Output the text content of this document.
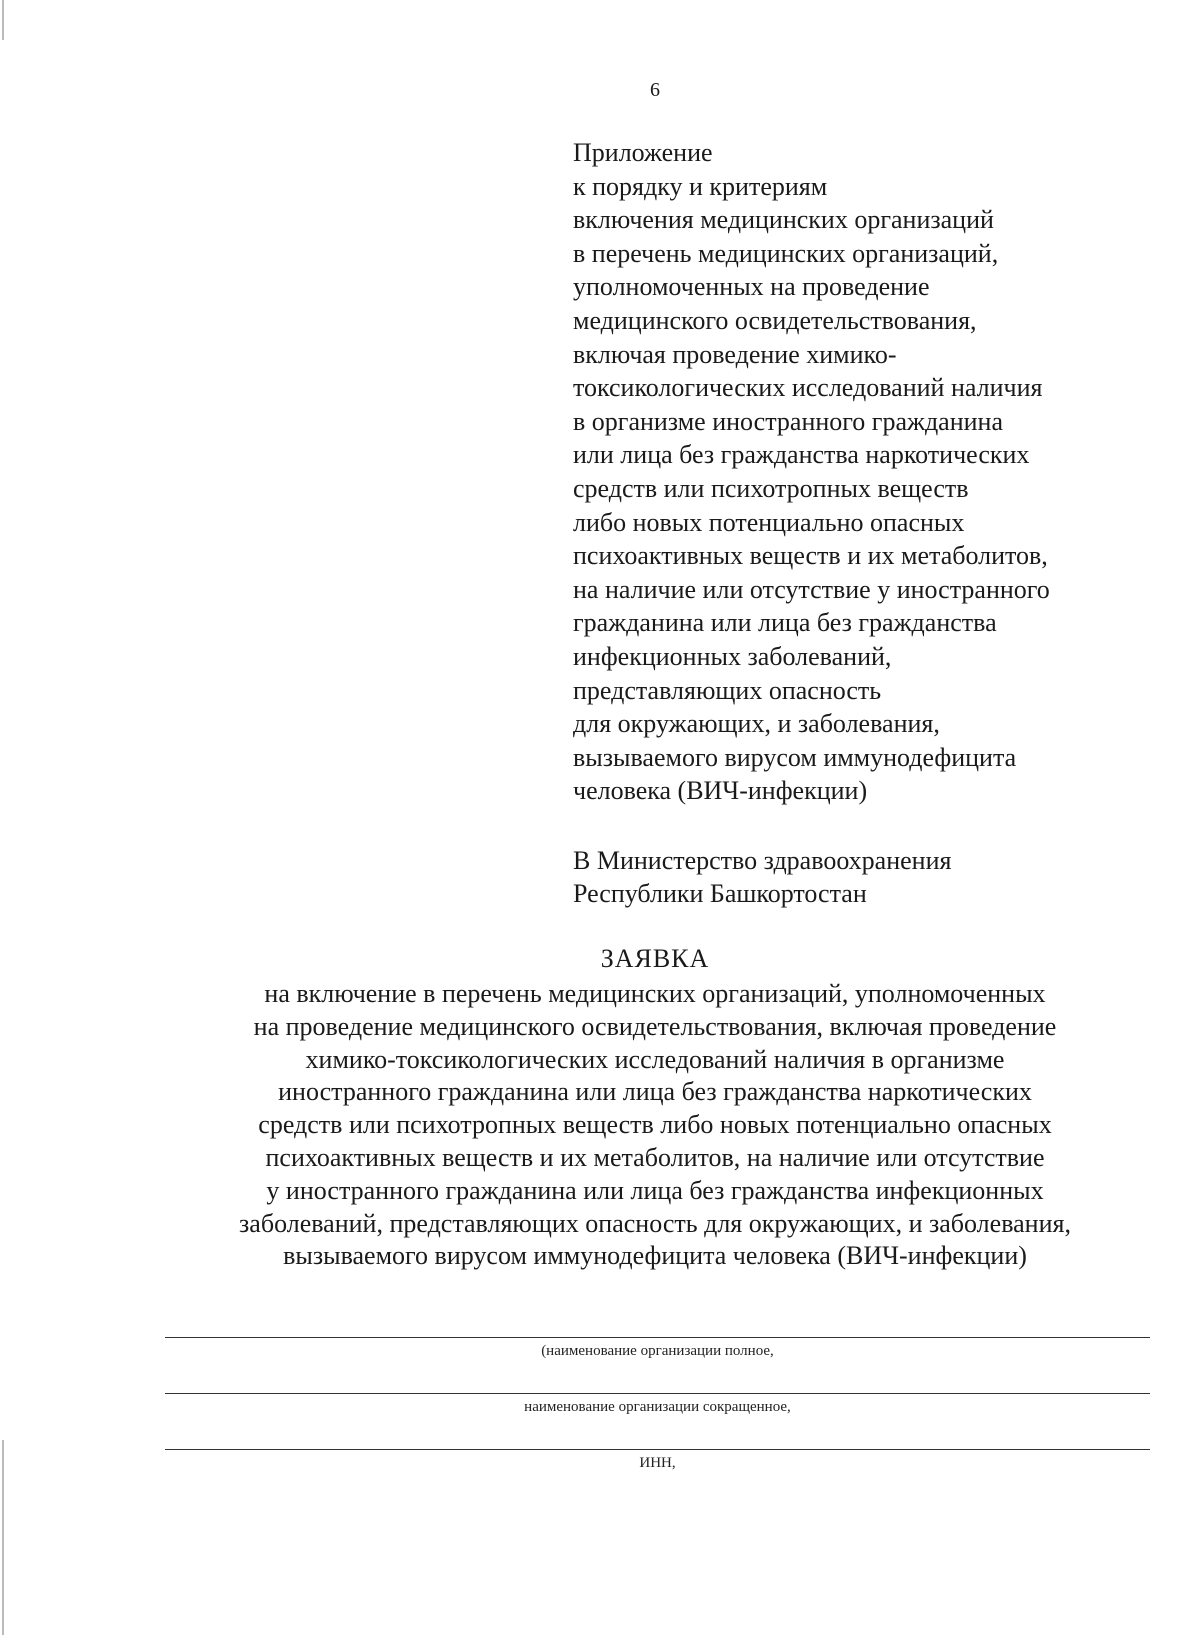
6
Приложение
к порядку и критериям
включения медицинских организаций
в перечень медицинских организаций,
уполномоченных на проведение
медицинского освидетельствования,
включая проведение химико-
токсикологических исследований наличия
в организме иностранного гражданина
или лица без гражданства наркотических
средств или психотропных веществ
либо новых потенциально опасных
психоактивных веществ и их метаболитов,
на наличие или отсутствие у иностранного
гражданина или лица без гражданства
инфекционных заболеваний,
представляющих опасность
для окружающих, и заболевания,
вызываемого вирусом иммунодефицита
человека (ВИЧ-инфекции)
В Министерство здравоохранения
Республики Башкортостан
ЗАЯВКА
на включение в перечень медицинских организаций, уполномоченных
на проведение медицинского освидетельствования, включая проведение
химико-токсикологических исследований наличия в организме
иностранного гражданина или лица без гражданства наркотических
средств или психотропных веществ либо новых потенциально опасных
психоактивных веществ и их метаболитов, на наличие или отсутствие
у иностранного гражданина или лица без гражданства инфекционных
заболеваний, представляющих опасность для окружающих, и заболевания,
вызываемого вирусом иммунодефицита человека (ВИЧ-инфекции)
(наименование организации полное,
наименование организации сокращенное,
ИНН,
